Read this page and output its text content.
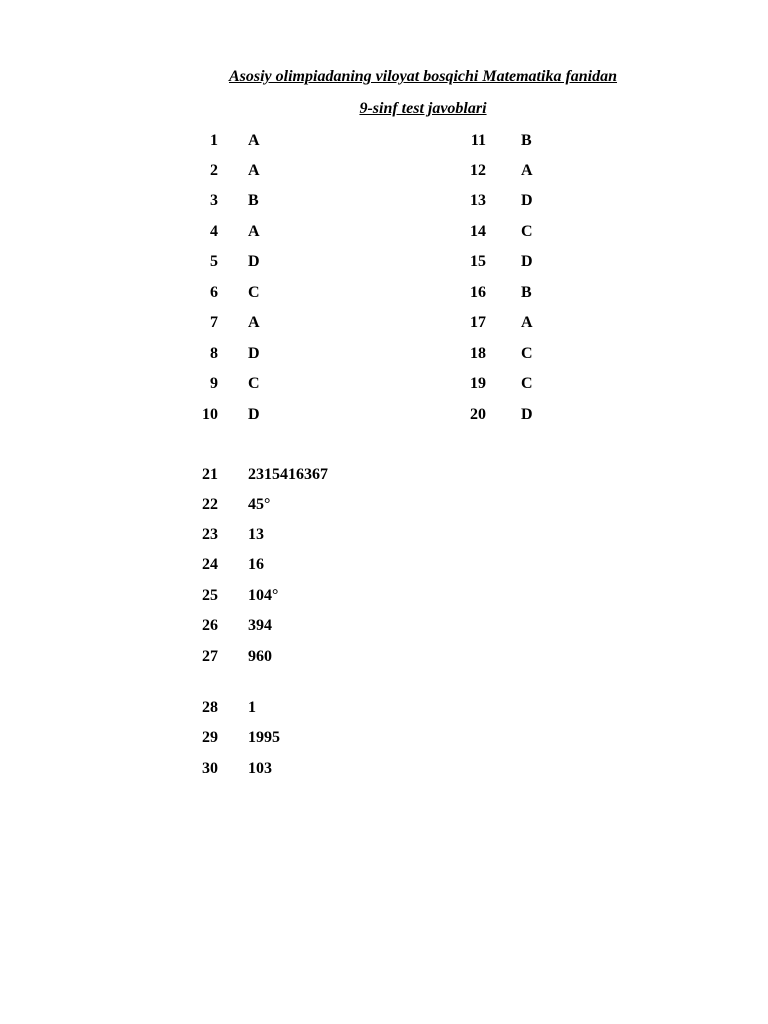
Asosiy olimpiadaning viloyat bosqichi Matematika fanidan
9-sinf test javoblari
1 A
2 A
3 B
4 A
5 D
6 C
7 A
8 D
9 C
10 D
11 B
12 A
13 D
14 C
15 D
16 B
17 A
18 C
19 C
20 D
21 2315416367
22 45°
23 13
24 16
25 104°
26 394
27 960
28 1
29 1995
30 103
